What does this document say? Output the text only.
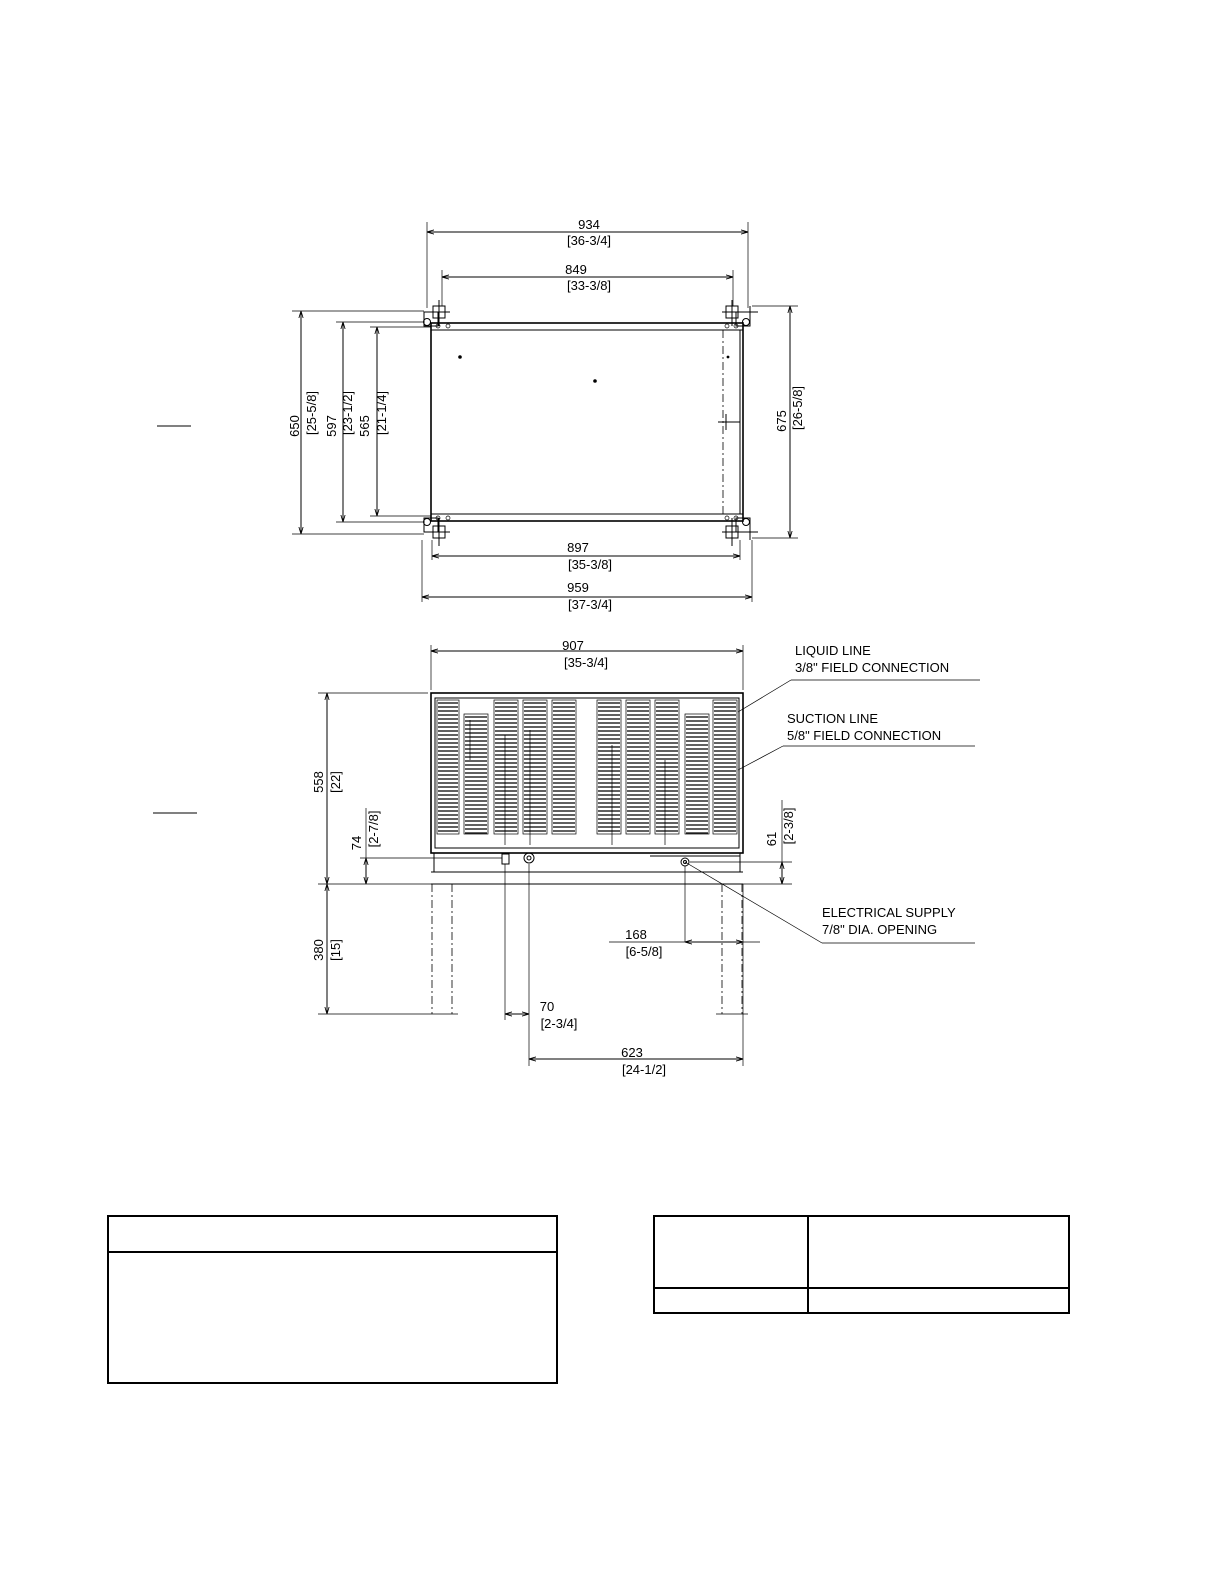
934
[36-3/4]
849
[33-3/8]
897
[35-3/8]
959
[37-3/4]
650 [25-5/8] 597 [23-1/2] 565 [21-1/4]	675 [26-5/8]
907
[35-3/4]
558 [22]
74 [2-7/8]	61 [2-3/8]
380 [15]
168
[6-5/8]
70
[2-3/4]
623
[24-1/2]
LIQUID LINE
3/8" FIELD CONNECTION
SUCTION LINE
5/8" FIELD CONNECTION
ELECTRICAL SUPPLY
7/8" DIA. OPENING
